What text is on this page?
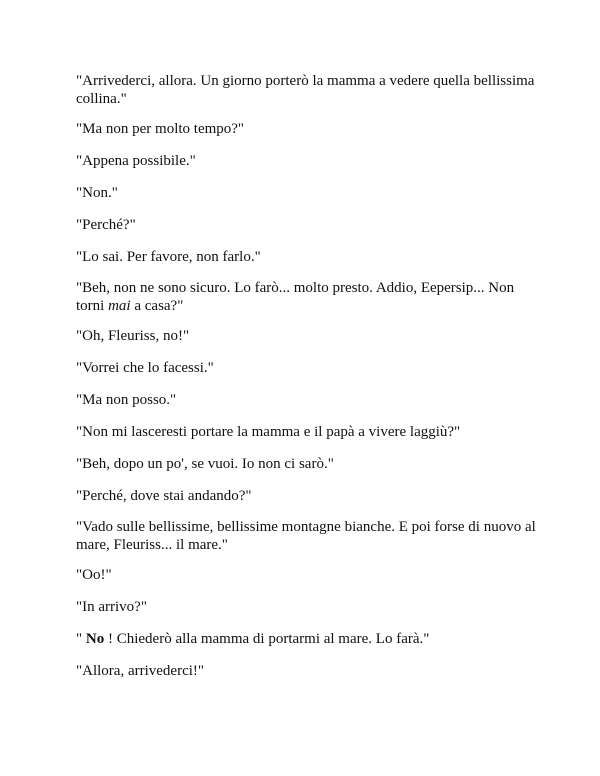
"Arrivederci, allora. Un giorno porterò la mamma a vedere quella bellissima collina."

"Ma non per molto tempo?"

"Appena possibile."

"Non."

"Perché?"

"Lo sai. Per favore, non farlo."

"Beh, non ne sono sicuro. Lo farò... molto presto. Addio, Eepersip... Non torni mai a casa?"

"Oh, Fleuriss, no!"

"Vorrei che lo facessi."

"Ma non posso."

"Non mi lasceresti portare la mamma e il papà a vivere laggiù?"

"Beh, dopo un po', se vuoi. Io non ci sarò."

"Perché, dove stai andando?"

"Vado sulle bellissime, bellissime montagne bianche. E poi forse di nuovo al mare, Fleuriss... il mare."

"Oo!"

"In arrivo?"

" No ! Chiederò alla mamma di portarmi al mare. Lo farà."

"Allora, arrivederci!"
